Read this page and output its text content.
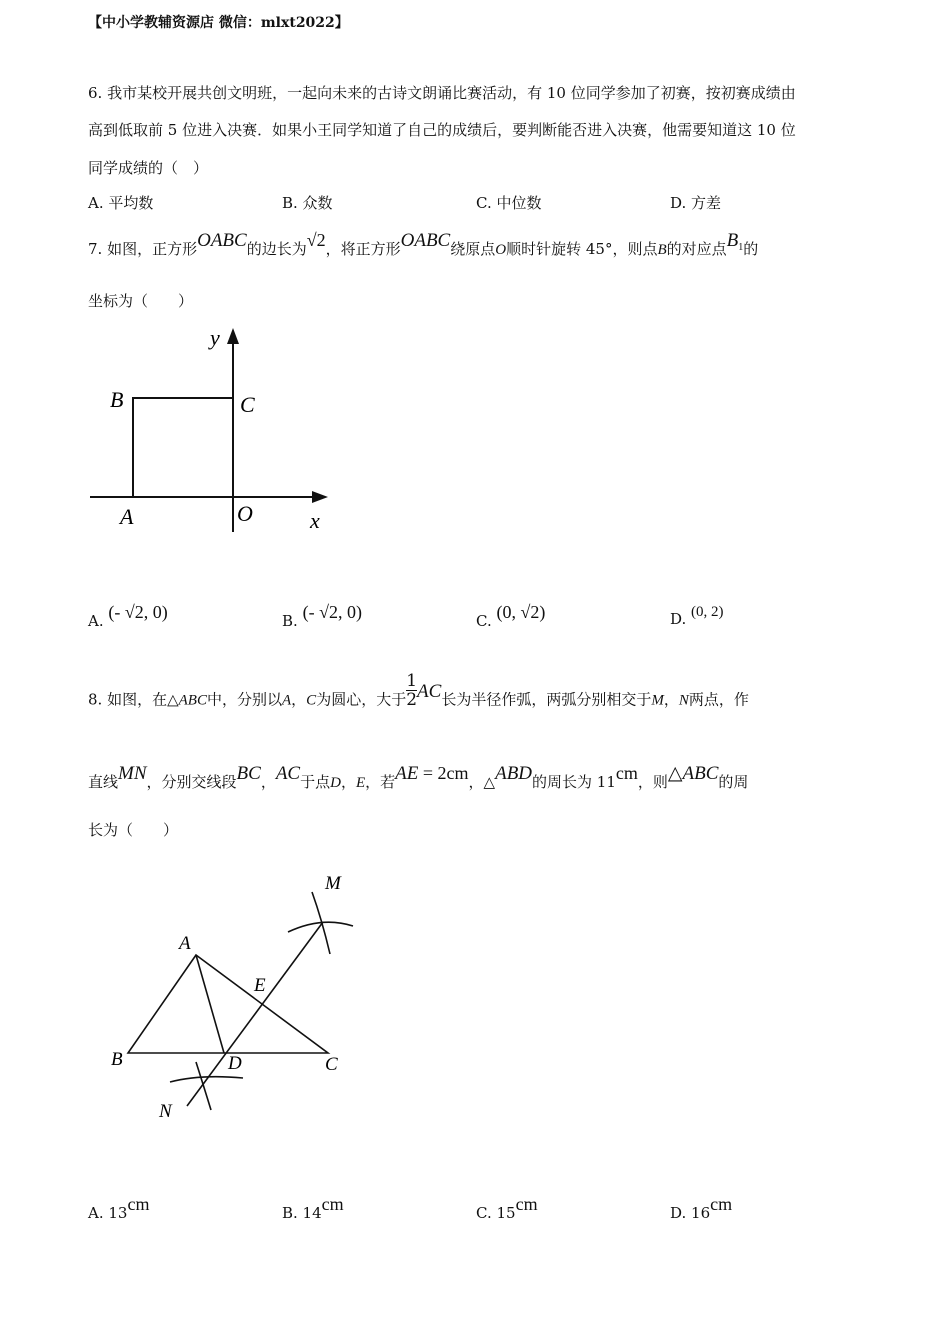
【中小学教辅资源店 微信：mlxt2022】
6. 我市某校开展共创文明班，一起向未来的古诗文朗诵比赛活动，有 10 位同学参加了初赛，按初赛成绩由
高到低取前 5 位进入决赛．如果小王同学知道了自己的成绩后，要判断能否进入决赛，他需要知道这 10 位
同学成绩的（　）
A. 平均数	B. 众数	C. 中位数	D. 方差
7. 如图，正方形OABC的边长为√2，将正方形OABC绕原点O顺时针旋转 45°，则点B的对应点$B_1$的
坐标为（　　）
y
B	C
A	O	x
A. (- √2, 0)	B. (- √2, 0)	C. (0, √2)	D. (0, 2)
8. 如图，在△ABC中，分别以A，C为圆心，大于 $\frac{1}{2}$ AC长为半径作弧，两弧分别相交于M，N两点，作
直线MN，分别交线段BC，AC于点D，E，若AE = 2cm，△ABD的周长为 11cm，则△ABC的周
长为（　　）
M
A
E
B	D	C
N
A. 13cm	B. 14cm	C. 15cm	D. 16cm
